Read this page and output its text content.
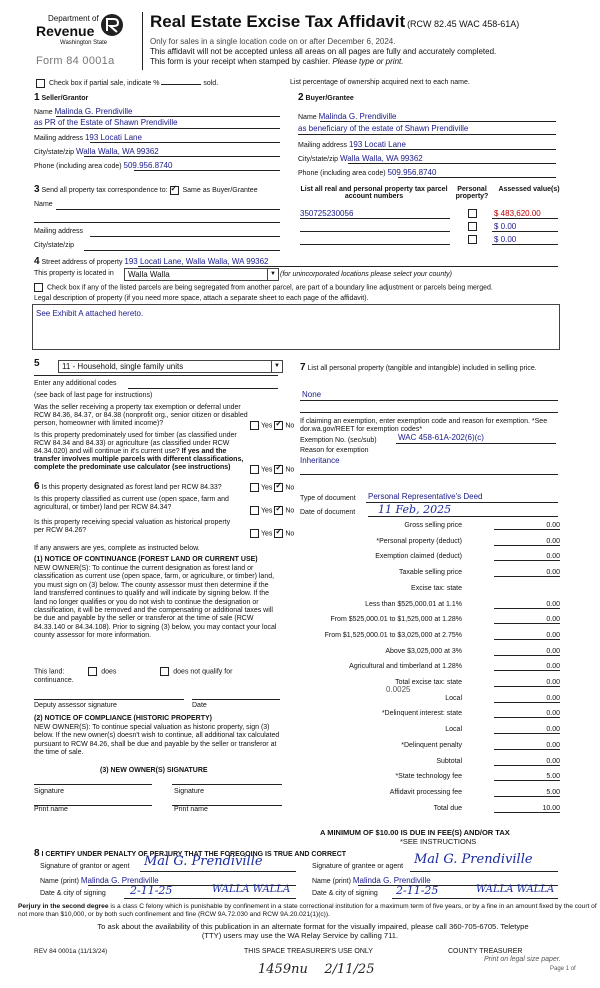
Department of
Revenue
Washington State
Form 84 0001a
Real Estate Excise Tax Affidavit (RCW 82.45 WAC 458-61A)
Only for sales in a single location code on or after December 6, 2024.
This affidavit will not be accepted unless all areas on all pages are fully and accurately completed.
This form is your receipt when stamped by cashier. Please type or print.
Check box if partial sale, indicate %	sold.	List percentage of ownership acquired next to each name.
1 Seller/Grantor
Name Malinda G. Prendiville
as PR of the Estate of Shawn Prendiville
Mailing address 193 Locati Lane
City/state/zip Walla Walla, WA 99362
Phone (including area code) 509.956.8740
2 Buyer/Grantee
Name Malinda G. Prendiville
as beneficiary of the estate of Shawn Prendiville
Mailing address 193 Locati Lane
City/state/zip Walla Walla, WA 99362
Phone (including area code) 509.956.8740
3 Send all property tax correspondence to: ✓ Same as Buyer/Grantee
Name
Mailing address
City/state/zip
List all real and personal property tax parcel account numbers
Personal property?
Assessed value(s)
350725230056	$ 483,620.00
$ 0.00
$ 0.00
4 Street address of property 193 Locati Lane, Walla Walla, WA 99362
This property is located in	Walla Walla	▼ (for unincorporated locations please select your county)
Check box if any of the listed parcels are being segregated from another parcel, are part of a boundary line adjustment or parcels being merged.
Legal description of property (if you need more space, attach a separate sheet to each page of the affidavit).
See Exhibit A attached hereto.
5	11 - Household, single family units	▼
Enter any additional codes
(see back of last page for instructions)
Was the seller receiving a property tax exemption or deferral under RCW 84.36, 84.37, or 84.38 (nonprofit org., senior citizen or disabled person, homeowner with limited income)?	Yes ✓ No
Is this property predominately used for timber (as classified under RCW 84.34 and 84.33) or agriculture (as classified under RCW 84.34.020) and will continue in it's current use? If yes and the transfer involves multiple parcels with different classifications, complete the predominate use calculator (see instructions)	Yes ✓ No
6 Is this property designated as forest land per RCW 84.33?	Yes ✓ No
Is this property classified as current use (open space, farm and agricultural, or timber) land per RCW 84.34?	Yes ✓ No
Is this property receiving special valuation as historical property per RCW 84.26?	Yes ✓ No
If any answers are yes, complete as instructed below.
(1) NOTICE OF CONTINUANCE (FOREST LAND OR CURRENT USE)
NEW OWNER(S): To continue the current designation as forest land or classification as current use (open space, farm, or agriculture, or timber) land, you must sign on (3) below. The county assessor must then determine if the land transferred continues to qualify and will indicate by signing below. If the land no longer qualifies or you do not wish to continue the designation or classification, it will be removed and the compensating or additional taxes will be due and payable by the seller or transferor at the time of sale (RCW 84.33.140 or 84.34.108). Prior to signing (3) below, you may contact your local county assessor for more information.
This land:	does	does not qualify for
continuance.
Deputy assessor signature	Date
(2) NOTICE OF COMPLIANCE (HISTORIC PROPERTY)
NEW OWNER(S): To continue special valuation as historic property, sign (3) below. If the new owner(s) doesn't wish to continue, all additional tax calculated pursuant to RCW 84.26, shall be due and payable by the seller or transferor at the time of sale.
(3) NEW OWNER(S) SIGNATURE
Signature	Signature
Print name	Print name
7 List all personal property (tangible and intangible) included in selling price.
None
If claiming an exemption, enter exemption code and reason for exemption. *See dor.wa.gov/REET for exemption codes*
Exemption No. (sec/sub)	WAC 458-61A-202(6)(c)
Reason for exemption
Inheritance
Type of document Personal Representative's Deed
Date of document 11 Feb, 2025
Gross selling price	0.00
*Personal property (deduct)	0.00
Exemption claimed (deduct)	0.00
Taxable selling price	0.00
Excise tax: state
Less than $525,000.01 at 1.1%	0.00
From $525,000.01 to $1,525,000 at 1.28%	0.00
From $1,525,000.01 to $3,025,000 at 2.75%	0.00
Above $3,025,000 at 3%	0.00
Agricultural and timberland at 1.28%	0.00
Total excise tax: state	0.00
Local	0.00
*Delinquent interest: state	0.00
Local	0.00
*Delinquent penalty	0.00
Subtotal	0.00
*State technology fee	5.00
Affidavit processing fee	5.00
Total due	10.00
0.0025
A MINIMUM OF $10.00 IS DUE IN FEE(S) AND/OR TAX
*SEE INSTRUCTIONS
8 I CERTIFY UNDER PENALTY OF PERJURY THAT THE FOREGOING IS TRUE AND CORRECT
Signature of grantor or agent Mal G. Prendiville	Signature of grantee or agent Mal G. Prendiville
Name (print) Malinda G. Prendiville	Name (print) Malinda G. Prendiville
Date & city of signing 2-11-25	WALLA WALLA	Date & city of signing 2-11-25	WALLA WALLA
Perjury in the second degree is a class C felony which is punishable by confinement in a state correctional institution for a maximum term of five years, or by a fine in an amount fixed by the court of not more than $10,000, or by both such confinement and fine (RCW 9A.72.030 and RCW 9A.20.021(1)(c)).
To ask about the availability of this publication in an alternate format for the visually impaired, please call 360-705-6705. Teletype
(TTY) users may use the WA Relay Service by calling 711.
REV 84 0001a (11/13/24)	THIS SPACE TREASURER'S USE ONLY	COUNTY TREASURER
1459nu    2/11/25
Print on legal size paper.
Page 1 of
